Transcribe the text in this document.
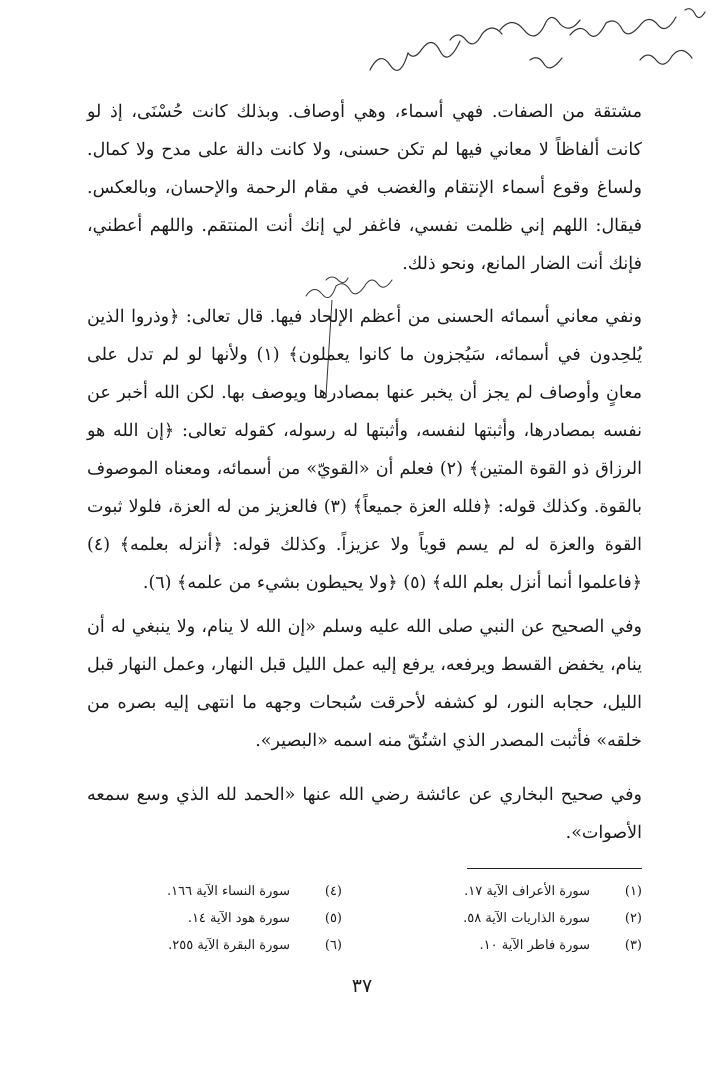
مشتقة من الصفات. فهي أسماء، وهي أوصاف. وبذلك كانت حُسْنَى، إذ لو كانت ألفاظاً لا معاني فيها لم تكن حسنى، ولا كانت دالة على مدح ولا كمال. ولساغ وقوع أسماء الإنتقام والغضب في مقام الرحمة والإحسان، وبالعكس. فيقال: اللهم إني ظلمت نفسي، فاغفر لي إنك أنت المنتقم. واللهم أعطني، فإنك أنت الضار المانع، ونحو ذلك.
ونفي معاني أسمائه الحسنى من أعظم الإلحاد فيها. قال تعالى: ﴿وذروا الذين يُلحِدون في أسمائه، سَيُجزون ما كانوا يعملون﴾ (١) ولأنها لو لم تدل على معانٍ وأوصاف لم يجز أن يخبر عنها بمصادرها ويوصف بها. لكن الله أخبر عن نفسه بمصادرها، وأثبتها لنفسه، وأثبتها له رسوله، كقوله تعالى: ﴿إن الله هو الرزاق ذو القوة المتين﴾ (٢) فعلم أن «القويّ» من أسمائه، ومعناه الموصوف بالقوة. وكذلك قوله: ﴿فلله العزة جميعاً﴾ (٣) فالعزيز من له العزة، فلولا ثبوت القوة والعزة له لم يسم قوياً ولا عزيزاً. وكذلك قوله: ﴿أنزله بعلمه﴾ (٤) ﴿فاعلموا أنما أنزل بعلم الله﴾ (٥) ﴿ولا يحيطون بشيء من علمه﴾ (٦).
وفي الصحيح عن النبي صلى الله عليه وسلم «إن الله لا ينام، ولا ينبغي له أن ينام، يخفض القسط ويرفعه، يرفع إليه عمل الليل قبل النهار، وعمل النهار قبل الليل، حجابه النور، لو كشفه لأحرقت سُبحات وجهه ما انتهى إليه بصره من خلقه» فأثبت المصدر الذي اشتُقّ منه اسمه «البصير».
وفي صحيح البخاري عن عائشة رضي الله عنها «الحمد لله الذي وسع سمعه الأصوات».
(١)
سورة الأعراف الآية ١٧.
(٤)
سورة النساء الآية ١٦٦.
(٢)
سورة الذاريات الآية ٥٨.
(٥)
سورة هود الآية ١٤.
(٣)
سورة فاطر الآية ١٠.
(٦)
سورة البقرة الآية ٢٥٥.
٣٧
